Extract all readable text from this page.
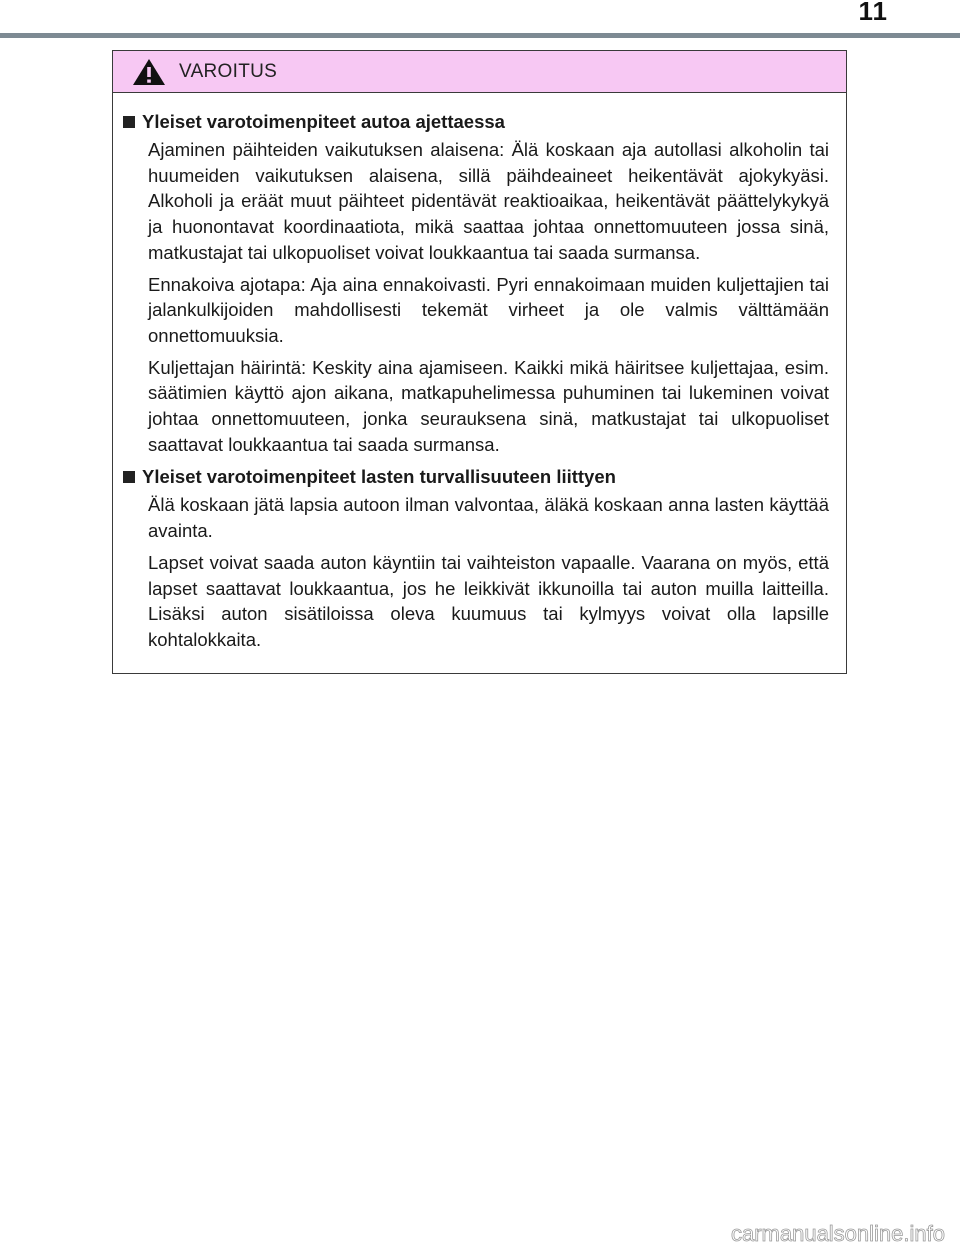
11
VAROITUS
Yleiset varotoimenpiteet autoa ajettaessa

Ajaminen päihteiden vaikutuksen alaisena: Älä koskaan aja autollasi alkoholin tai huumeiden vaikutuksen alaisena, sillä päihdeaineet heikentävät ajokykyäsi. Alkoholi ja eräät muut päihteet pidentävät reaktioaikaa, heikentävät päättelykykyä ja huonontavat koordinaatiota, mikä saattaa johtaa onnettomuuteen jossa sinä, matkustajat tai ulkopuoliset voivat loukkaantua tai saada surmansa.

Ennakoiva ajotapa: Aja aina ennakoivasti. Pyri ennakoimaan muiden kuljettajien tai jalankulkijoiden mahdollisesti tekemät virheet ja ole valmis välttämään onnettomuuksia.

Kuljettajan häirintä: Keskity aina ajamiseen. Kaikki mikä häiritsee kuljettajaa, esim. säätimien käyttö ajon aikana, matkapuhelimessa puhuminen tai lukeminen voivat johtaa onnettomuuteen, jonka seurauksena sinä, matkustajat tai ulkopuoliset saattavat loukkaantua tai saada surmansa.

Yleiset varotoimenpiteet lasten turvallisuuteen liittyen

Älä koskaan jätä lapsia autoon ilman valvontaa, äläkä koskaan anna lasten käyttää avainta.

Lapset voivat saada auton käyntiin tai vaihteiston vapaalle. Vaarana on myös, että lapset saattavat loukkaantua, jos he leikkivät ikkunoilla tai auton muilla laitteilla. Lisäksi auton sisätiloissa oleva kuumuus tai kylmyys voivat olla lapsille kohtalokkaita.

carmanualsonline.info
